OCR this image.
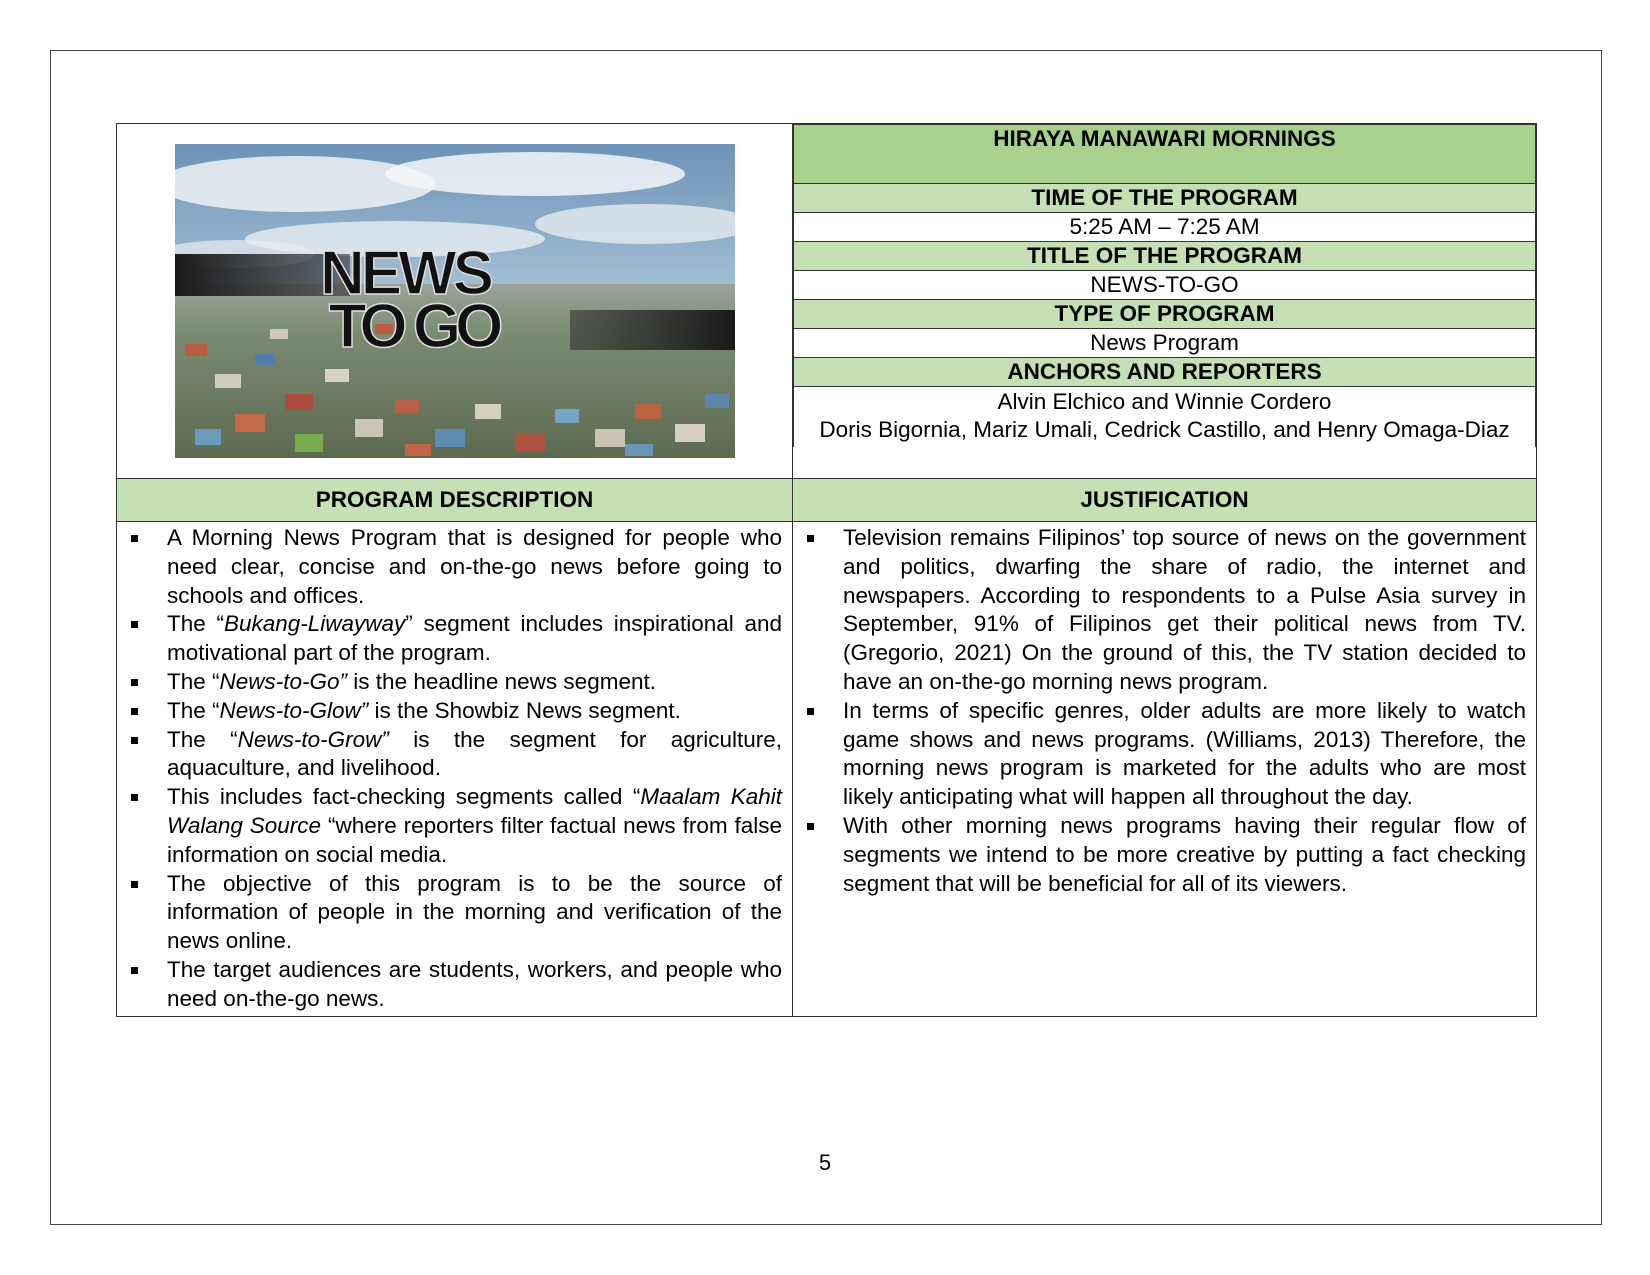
NEWS
TO GO

HIRAYA MANAWARI MORNINGS
TIME OF THE PROGRAM
5:25 AM – 7:25 AM
TITLE OF THE PROGRAM
NEWS-TO-GO
TYPE OF PROGRAM
News Program
ANCHORS AND REPORTERS

Alvin Elchico and Winnie Cordero
Doris Bigornia, Mariz Umali, Cedrick Castillo, and Henry Omaga-Diaz

PROGRAM DESCRIPTION	JUSTIFICATION

A Morning News Program that is designed for people who need clear, concise and on-the-go news before going to schools and offices.
The “Bukang-Liwayway” segment includes inspirational and motivational part of the program.
The “News-to-Go” is the headline news segment.
The “News-to-Glow” is the Showbiz News segment.
The “News-to-Grow” is the segment for agriculture, aquaculture, and livelihood.
This includes fact-checking segments called “Maalam Kahit Walang Source “where reporters filter factual news from false information on social media.
The objective of this program is to be the source of information of people in the morning and verification of the news online.
The target audiences are students, workers, and people who need on-the-go news.

Television remains Filipinos’ top source of news on the government and politics, dwarfing the share of radio, the internet and newspapers. According to respondents to a Pulse Asia survey in September, 91% of Filipinos get their political news from TV. (Gregorio, 2021) On the ground of this, the TV station decided to have an on-the-go morning news program.
In terms of specific genres, older adults are more likely to watch game shows and news programs. (Williams, 2013) Therefore, the morning news program is marketed for the adults who are most likely anticipating what will happen all throughout the day.
With other morning news programs having their regular flow of segments we intend to be more creative by putting a fact checking segment that will be beneficial for all of its viewers.
5
